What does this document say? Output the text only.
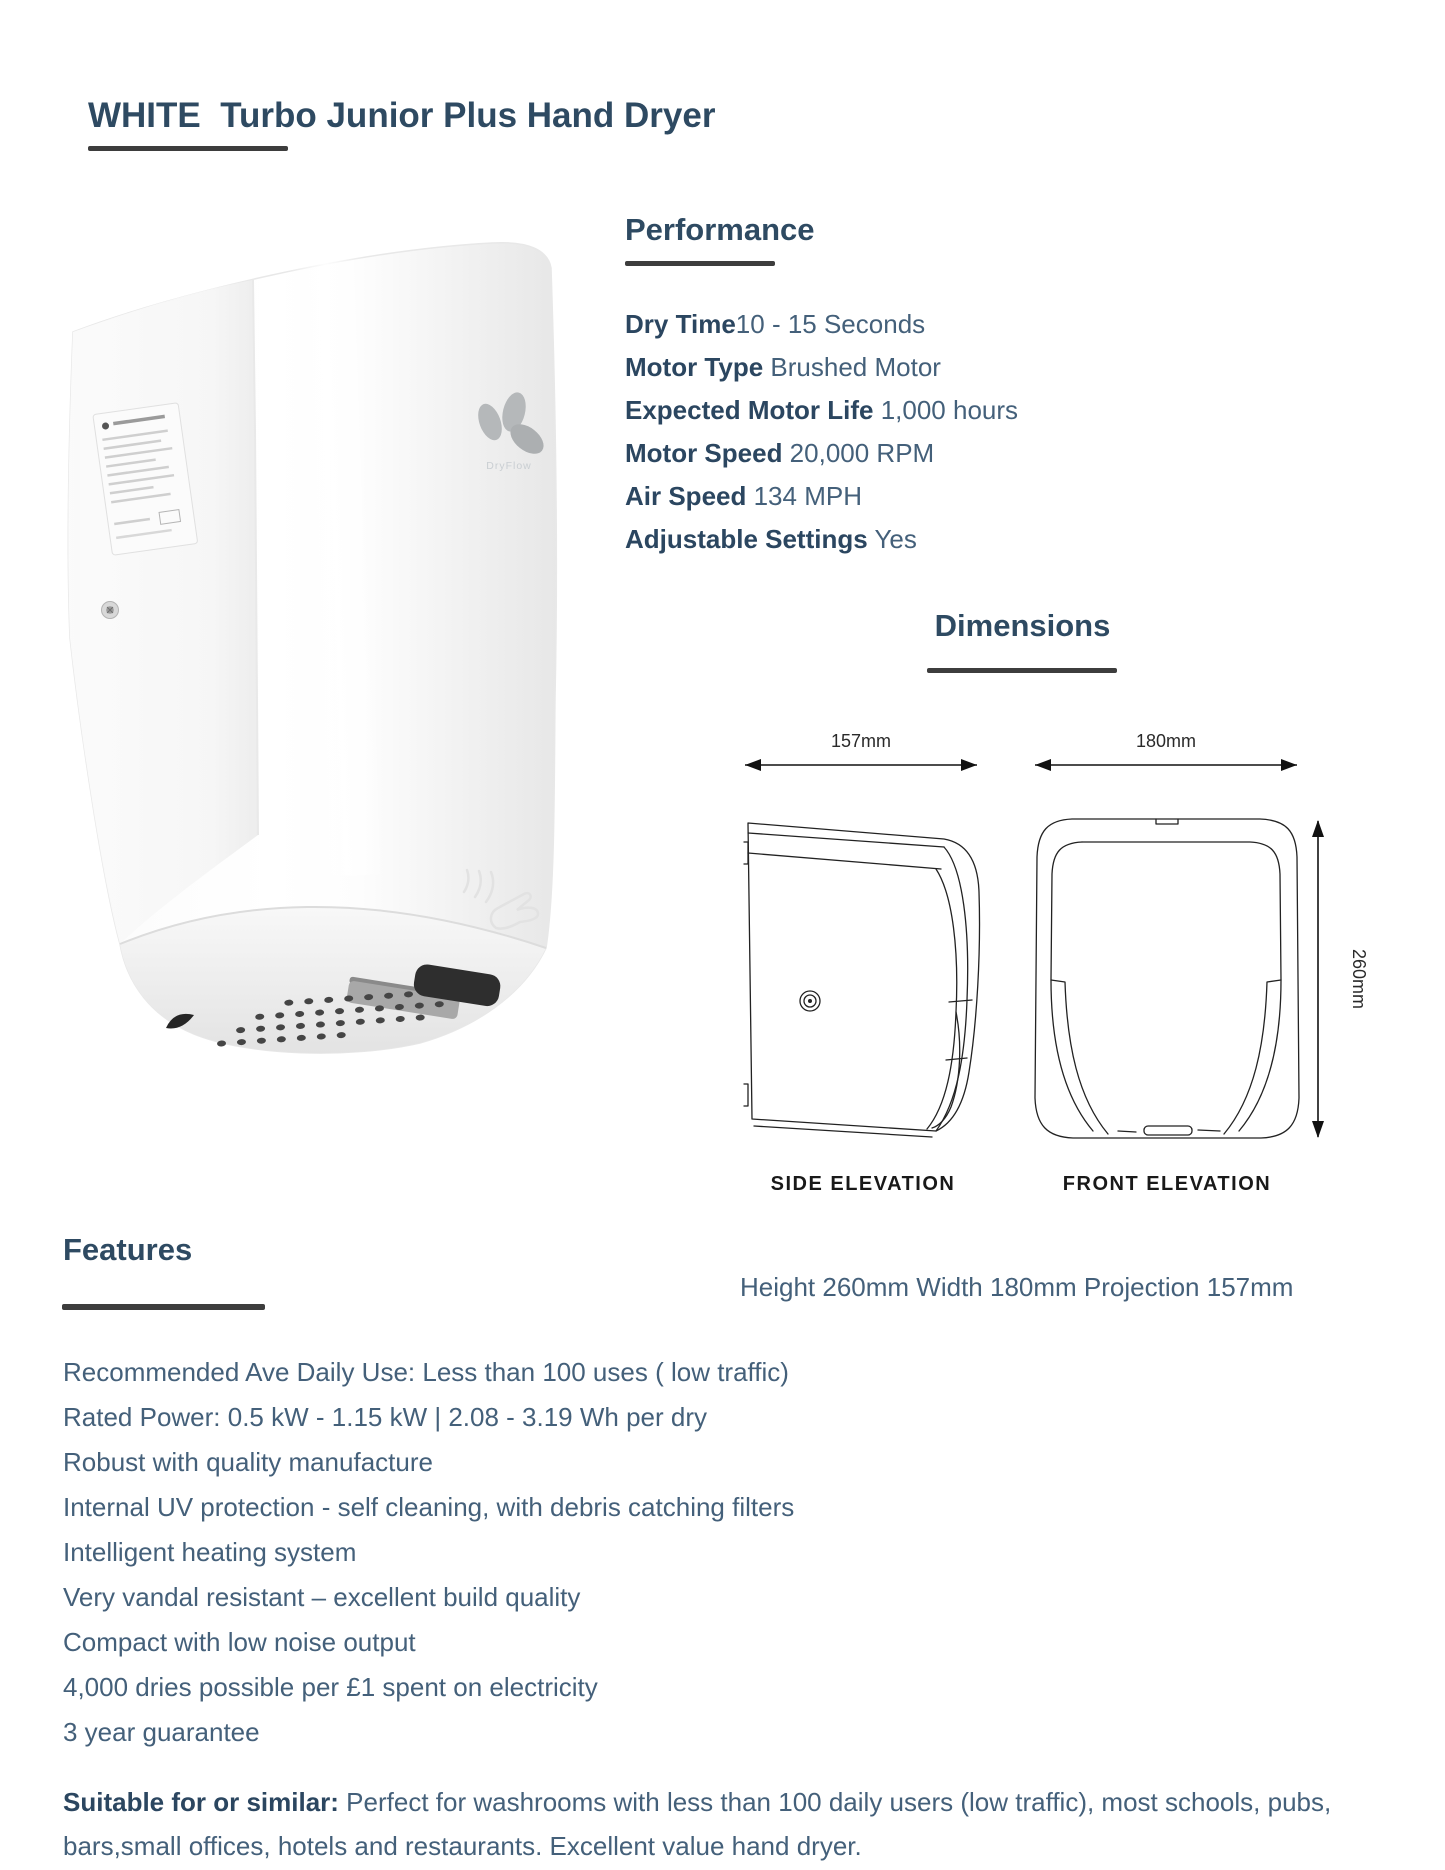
WHITE  Turbo Junior Plus Hand Dryer
DryFlow
Performance
Dry Time10 - 15 Seconds
Motor Type Brushed Motor
Expected Motor Life 1,000 hours
Motor Speed 20,000 RPM
Air Speed 134 MPH
Adjustable Settings Yes
Dimensions
157mm	180mm
260mm
SIDE ELEVATION	FRONT ELEVATION
Features
Height 260mm Width 180mm Projection 157mm
Recommended Ave Daily Use: Less than 100 uses ( low traffic)
Rated Power: 0.5 kW - 1.15 kW | 2.08 - 3.19 Wh per dry
Robust with quality manufacture
Internal UV protection - self cleaning, with debris catching filters
Intelligent heating system
Very vandal resistant – excellent build quality
Compact with low noise output
4,000 dries possible per £1 spent on electricity
3 year guarantee
Suitable for or similar: Perfect for washrooms with less than 100 daily users (low traffic), most schools, pubs, bars,small offices, hotels and restaurants. Excellent value hand dryer.
